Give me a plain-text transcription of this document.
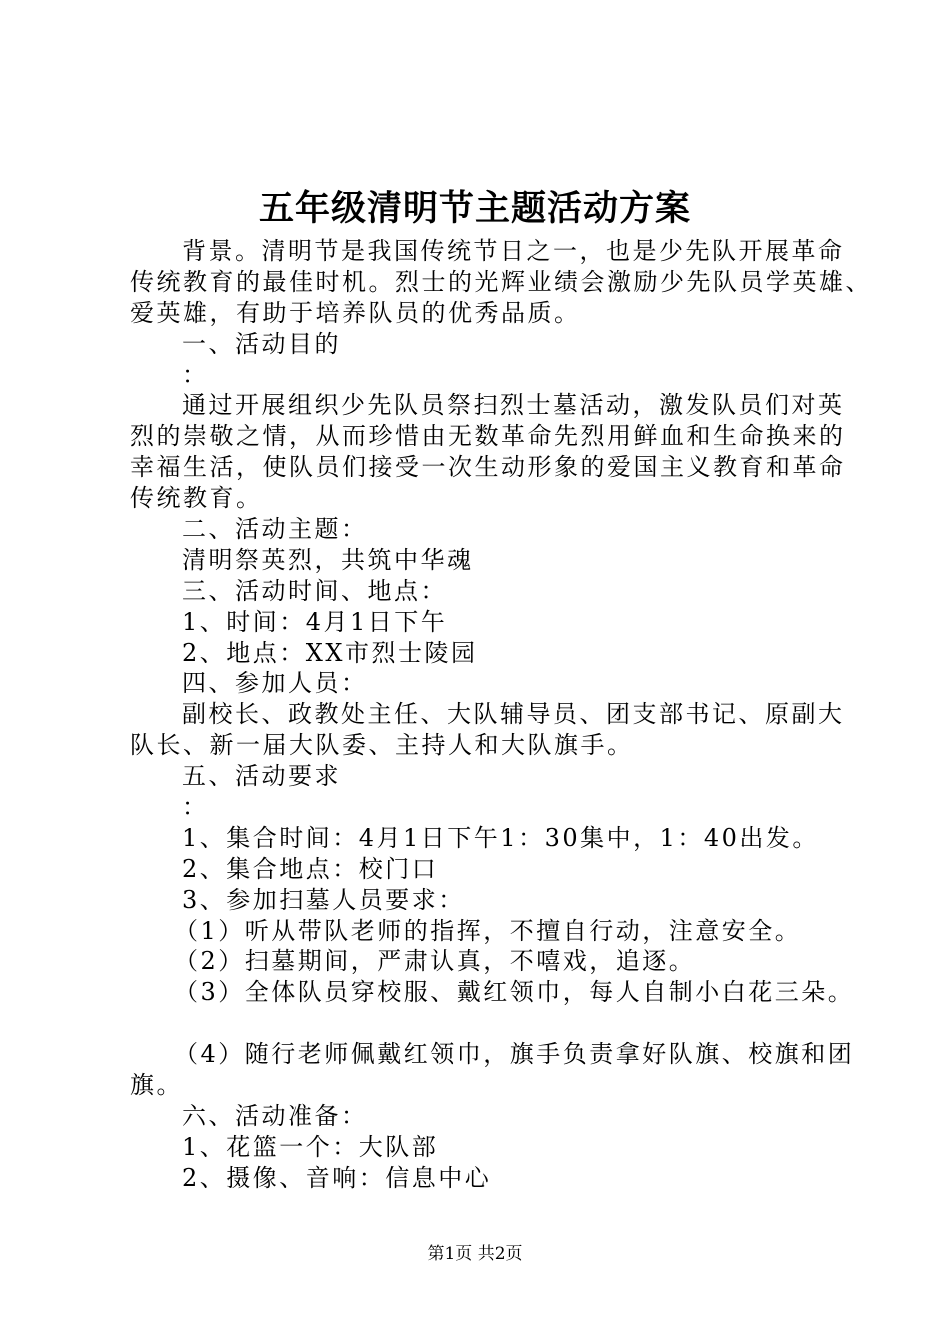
五年级清明节主题活动方案

背景。清明节是我国传统节日之一，也是少先队开展革命

传统教育的最佳时机。烈士的光辉业绩会激励少先队员学英雄、

爱英雄，有助于培养队员的优秀品质。

一、活动目的

：

通过开展组织少先队员祭扫烈士墓活动，激发队员们对英

烈的崇敬之情，从而珍惜由无数革命先烈用鲜血和生命换来的

幸福生活，使队员们接受一次生动形象的爱国主义教育和革命

传统教育。

二、活动主题：

清明祭英烈，共筑中华魂

三、活动时间、地点：

1、时间：4月1日下午

2、地点：XX市烈士陵园

四、参加人员：

副校长、政教处主任、大队辅导员、团支部书记、原副大

队长、新一届大队委、主持人和大队旗手。

五、活动要求

：

1、集合时间：4月1日下午1：30集中，1：40出发。

2、集合地点：校门口

3、参加扫墓人员要求：

（1）听从带队老师的指挥，不擅自行动，注意安全。

（2）扫墓期间，严肃认真，不嘻戏，追逐。

（3）全体队员穿校服、戴红领巾，每人自制小白花三朵。

（4）随行老师佩戴红领巾，旗手负责拿好队旗、校旗和团

旗。

六、活动准备：

1、花篮一个：大队部

2、摄像、音响：信息中心

第1页 共2页
